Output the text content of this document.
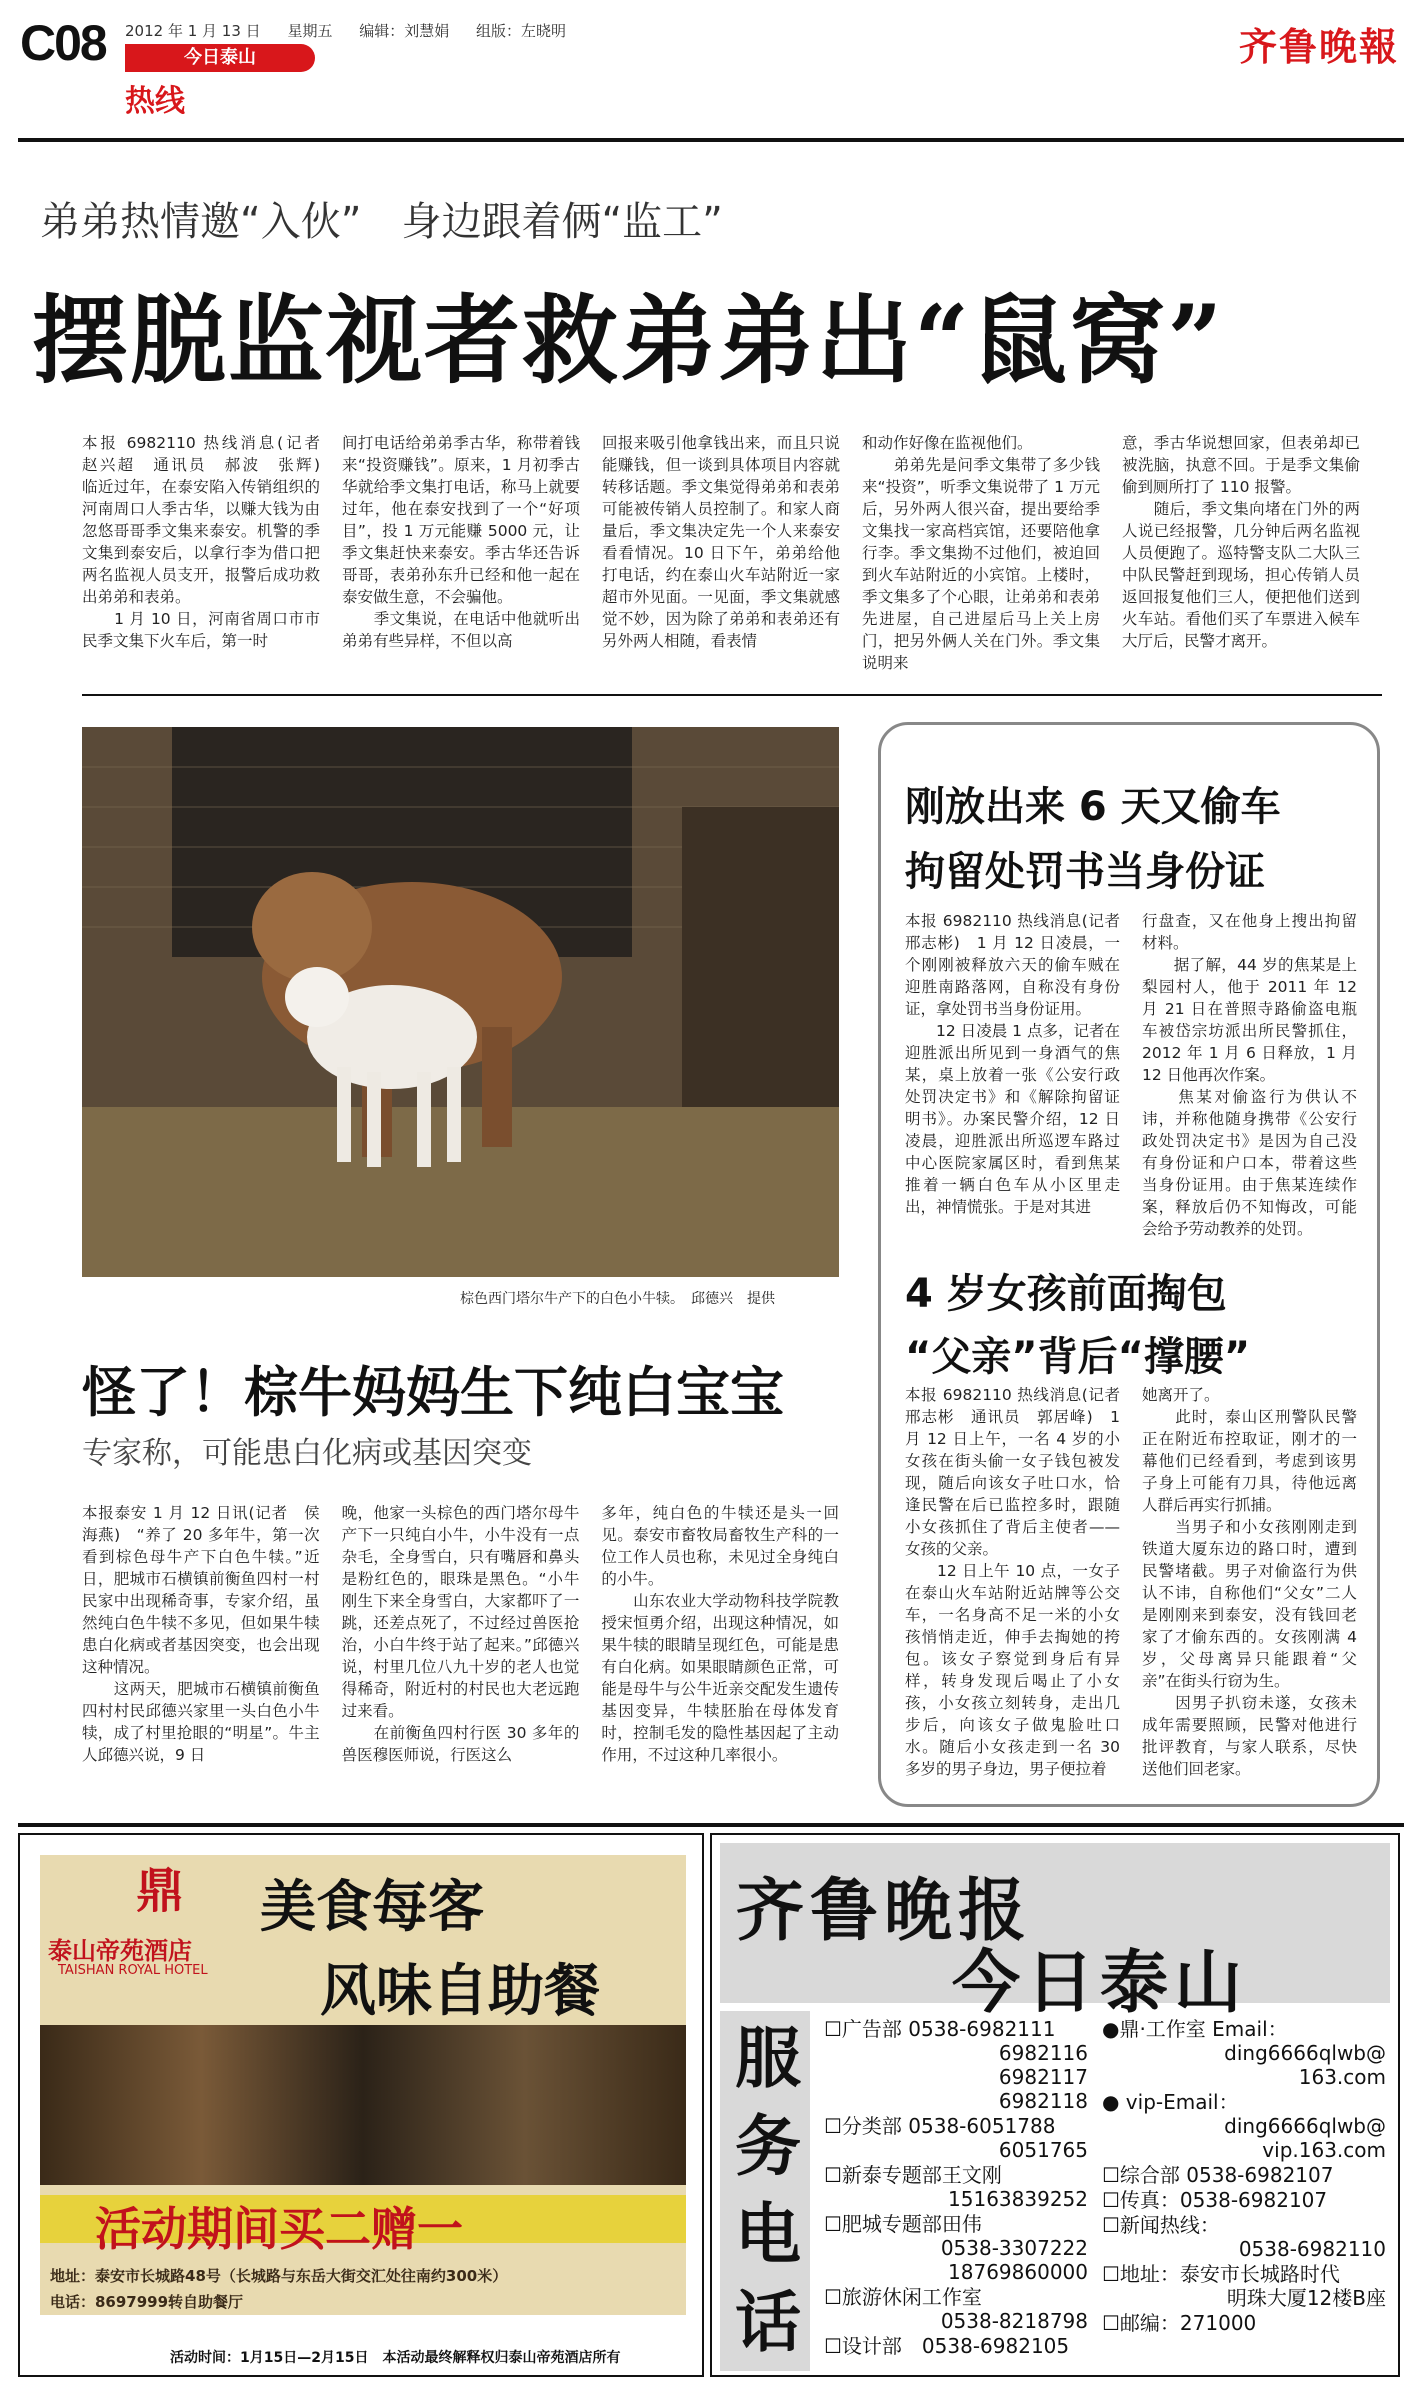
C08 2012 年 1 月 13 日 星期五 编辑：刘慧娟 组版：左晓明
今日泰山
热线
齐鲁晚報
弟弟热情邀“入伙”　身边跟着俩“监工”
摆脱监视者救弟弟出“鼠窝”
本报 6982110 热线消息(记者　赵兴超　通讯员　郝波　张辉)　临近过年，在泰安陷入传销组织的河南周口人季古华，以赚大钱为由忽悠哥哥季文集来泰安。机警的季文集到泰安后，以拿行李为借口把两名监视人员支开，报警后成功救出弟弟和表弟。
　　1 月 10 日，河南省周口市市民季文集下火车后，第一时
间打电话给弟弟季古华，称带着钱来“投资赚钱”。原来，1 月初季古华就给季文集打电话，称马上就要过年，他在泰安找到了一个“好项目”，投 1 万元能赚 5000 元，让季文集赶快来泰安。季古华还告诉哥哥，表弟孙东升已经和他一起在泰安做生意，不会骗他。
　　季文集说，在电话中他就听出弟弟有些异样，不但以高
回报来吸引他拿钱出来，而且只说能赚钱，但一谈到具体项目内容就转移话题。季文集觉得弟弟和表弟可能被传销人员控制了。和家人商量后，季文集决定先一个人来泰安看看情况。10 日下午，弟弟给他打电话，约在泰山火车站附近一家超市外见面。一见面，季文集就感觉不妙，因为除了弟弟和表弟还有另外两人相随，看表情
和动作好像在监视他们。
　　弟弟先是问季文集带了多少钱来“投资”，听季文集说带了 1 万元后，另外两人很兴奋，提出要给季文集找一家高档宾馆，还要陪他拿行李。季文集拗不过他们，被迫回到火车站附近的小宾馆。上楼时，季文集多了个心眼，让弟弟和表弟先进屋，自己进屋后马上关上房门，把另外俩人关在门外。季文集说明来
意，季古华说想回家，但表弟却已被洗脑，执意不回。于是季文集偷偷到厕所打了 110 报警。
　　随后，季文集向堵在门外的两人说已经报警，几分钟后两名监视人员便跑了。巡特警支队二大队三中队民警赶到现场，担心传销人员返回报复他们三人，便把他们送到火车站。看他们买了车票进入候车大厅后，民警才离开。
棕色西门塔尔牛产下的白色小牛犊。　邱德兴　提供
怪了！棕牛妈妈生下纯白宝宝
专家称，可能患白化病或基因突变
本报泰安 1 月 12 日讯(记者　侯海燕)　“养了 20 多年牛，第一次看到棕色母牛产下白色牛犊。”近日，肥城市石横镇前衡鱼四村一村民家中出现稀奇事，专家介绍，虽然纯白色牛犊不多见，但如果牛犊患白化病或者基因突变，也会出现这种情况。
　　这两天，肥城市石横镇前衡鱼四村村民邱德兴家里一头白色小牛犊，成了村里抢眼的“明星”。牛主人邱德兴说，9 日
晚，他家一头棕色的西门塔尔母牛产下一只纯白小牛，小牛没有一点杂毛，全身雪白，只有嘴唇和鼻头是粉红色的，眼珠是黑色。“小牛刚生下来全身雪白，大家都吓了一跳，还差点死了，不过经过兽医抢治，小白牛终于站了起来。”邱德兴说，村里几位八九十岁的老人也觉得稀奇，附近村的村民也大老远跑过来看。
　　在前衡鱼四村行医 30 多年的兽医穆医师说，行医这么
多年，纯白色的牛犊还是头一回见。泰安市畜牧局畜牧生产科的一位工作人员也称，未见过全身纯白的小牛。
　　山东农业大学动物科技学院教授宋恒勇介绍，出现这种情况，如果牛犊的眼睛呈现红色，可能是患有白化病。如果眼睛颜色正常，可能是母牛与公牛近亲交配发生遗传基因变异，牛犊胚胎在母体发育时，控制毛发的隐性基因起了主动作用，不过这种几率很小。
刚放出来 6 天又偷车
拘留处罚书当身份证
本报 6982110 热线消息(记者　邢志彬)　1 月 12 日凌晨，一个刚刚被释放六天的偷车贼在迎胜南路落网，自称没有身份证，拿处罚书当身份证用。
　　12 日凌晨 1 点多，记者在迎胜派出所见到一身酒气的焦某，桌上放着一张《公安行政处罚决定书》和《解除拘留证明书》。办案民警介绍，12 日凌晨，迎胜派出所巡逻车路过中心医院家属区时，看到焦某推着一辆白色车从小区里走出，神情慌张。于是对其进
行盘查，又在他身上搜出拘留材料。
　　据了解，44 岁的焦某是上梨园村人，他于 2011 年 12 月 21 日在普照寺路偷盗电瓶车被岱宗坊派出所民警抓住，2012 年 1 月 6 日释放，1 月 12 日他再次作案。
　　焦某对偷盗行为供认不讳，并称他随身携带《公安行政处罚决定书》是因为自己没有身份证和户口本，带着这些当身份证用。由于焦某连续作案，释放后仍不知悔改，可能会给予劳动教养的处罚。
4 岁女孩前面掏包
“父亲”背后“撑腰”
本报 6982110 热线消息(记者　邢志彬　通讯员　郭居峰)　1 月 12 日上午，一名 4 岁的小女孩在街头偷一女子钱包被发现，随后向该女子吐口水，恰逢民警在后已监控多时，跟随小女孩抓住了背后主使者——女孩的父亲。
　　12 日上午 10 点，一女子在泰山火车站附近站牌等公交车，一名身高不足一米的小女孩悄悄走近，伸手去掏她的挎包。该女子察觉到身后有异样，转身发现后喝止了小女孩，小女孩立刻转身，走出几步后，向该女子做鬼脸吐口水。随后小女孩走到一名 30 多岁的男子身边，男子便拉着
她离开了。
　　此时，泰山区刑警队民警正在附近布控取证，刚才的一幕他们已经看到，考虑到该男子身上可能有刀具，待他远离人群后再实行抓捕。
　　当男子和小女孩刚刚走到铁道大厦东边的路口时，遭到民警堵截。男子对偷盗行为供认不讳，自称他们“父女”二人是刚刚来到泰安，没有钱回老家了才偷东西的。女孩刚满 4 岁，父母离异只能跟着“父亲”在街头行窃为生。
　　因男子扒窃未遂，女孩未成年需要照顾，民警对他进行批评教育，与家人联系，尽快送他们回老家。
鼎
泰山帝苑酒店
TAISHAN ROYAL HOTEL
美食每客
风味自助餐
活动期间买二赠一
地址：泰安市长城路48号（长城路与东岳大街交汇处往南约300米）
电话：8697999转自助餐厅
活动时间：1月15日—2月15日　本活动最终解释权归泰山帝苑酒店所有
齐鲁晚报
今日泰山
服
务
电
话
☐广告部 0538-6982111
6982116
6982117
6982118
☐分类部 0538-6051788
6051765
☐新泰专题部王文刚
15163839252
☐肥城专题部田伟
0538-3307222 18769860000
☐旅游休闲工作室
0538-8218798
☐设计部　0538-6982105
●鼎·工作室 Email：
ding6666qlwb@
163.com
● vip-Email：
ding6666qlwb@
vip.163.com
☐综合部 0538-6982107
☐传真：0538-6982107
☐新闻热线：
0538-6982110
☐地址：泰安市长城路时代
明珠大厦12楼B座
☐邮编：271000
